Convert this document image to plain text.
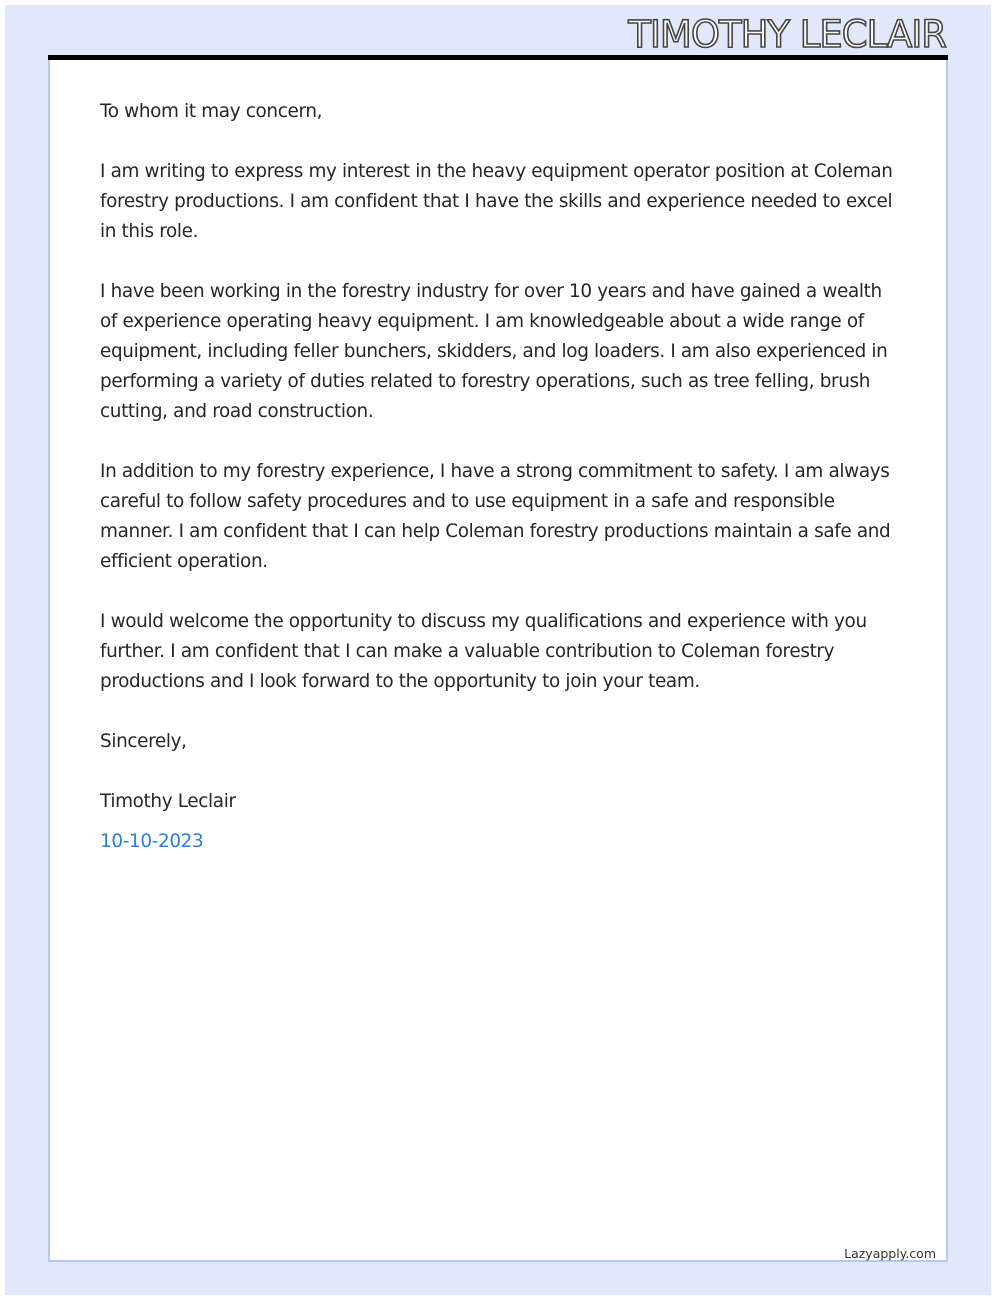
TIMOTHY LECLAIR

To whom it may concern,

I am writing to express my interest in the heavy equipment operator position at Coleman forestry productions. I am confident that I have the skills and experience needed to excel in this role.

I have been working in the forestry industry for over 10 years and have gained a wealth of experience operating heavy equipment. I am knowledgeable about a wide range of equipment, including feller bunchers, skidders, and log loaders. I am also experienced in performing a variety of duties related to forestry operations, such as tree felling, brush cutting, and road construction.

In addition to my forestry experience, I have a strong commitment to safety. I am always careful to follow safety procedures and to use equipment in a safe and responsible manner. I am confident that I can help Coleman forestry productions maintain a safe and efficient operation.

I would welcome the opportunity to discuss my qualifications and experience with you further. I am confident that I can make a valuable contribution to Coleman forestry productions and I look forward to the opportunity to join your team.

Sincerely,

Timothy Leclair

10-10-2023

Lazyapply.com
